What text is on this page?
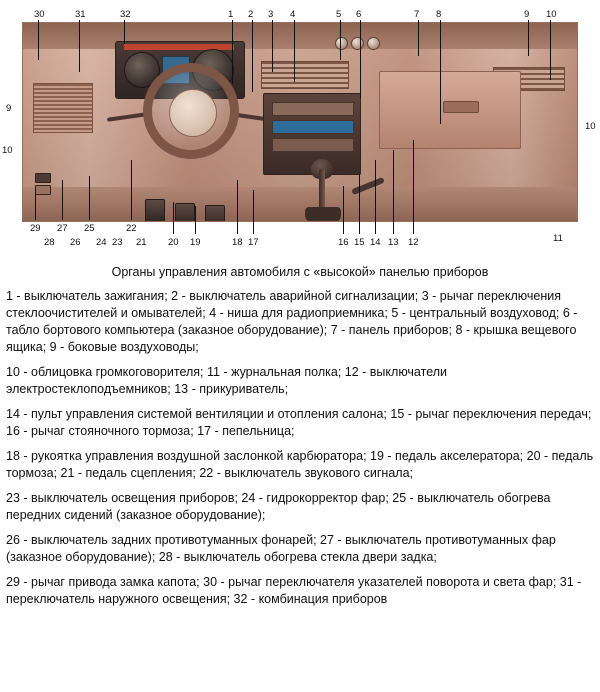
30	31	32	1 2 3 4	5 6	7 8	9 10
9
10
10
11
29 27 25	22
21
28 26 24 23	20 19	18 17	16 15 14 13 12
Органы управления автомобиля с «высокой» панелью приборов

1 - выключатель зажигания; 2 - выключатель аварийной сигнализации; 3 - рычаг переключения стеклоочистителей и омывателей; 4 - ниша для радиоприемника; 5 - центральный воздуховод; 6 - табло бортового компьютера (заказное оборудование); 7 - панель приборов; 8 - крышка вещевого ящика; 9 - боковые воздуховоды;

10 - облицовка громкоговорителя; 11 - журнальная полка; 12 - выключатели электростеклоподъемников; 13 - прикуриватель;

14 - пульт управления системой вентиляции и отопления салона; 15 - рычаг переключения передач; 16 - рычаг стояночного тормоза; 17 - пепельница;

18 - рукоятка управления воздушной заслонкой карбюратора; 19 - педаль акселератора; 20 - педаль тормоза; 21 - педаль сцепления; 22 - выключатель звукового сигнала;

23 - выключатель освещения приборов; 24 - гидрокорректор фар; 25 - выключатель обогрева передних сидений (заказное оборудование);

26 - выключатель задних противотуманных фонарей; 27 - выключатель противотуманных фар (заказное оборудование); 28 - выключатель обогрева стекла двери задка;

29 - рычаг привода замка капота; 30 - рычаг переключателя указателей поворота и света фар; 31 - переключатель наружного освещения; 32 - комбинация приборов
